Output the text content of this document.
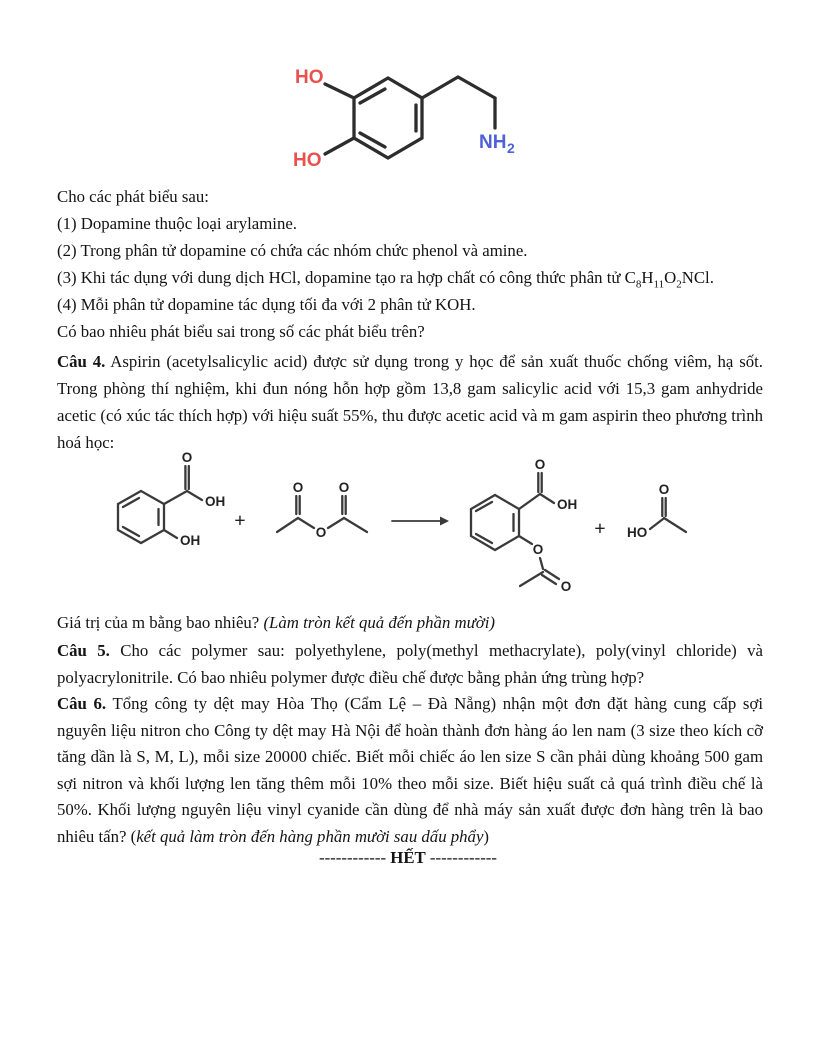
HO
HO
NH 2
Cho các phát biểu sau:
(1) Dopamine thuộc loại arylamine.
(2) Trong phân tử dopamine có chứa các nhóm chức phenol và amine.
(3) Khi tác dụng với dung dịch HCl, dopamine tạo ra hợp chất có công thức phân tử $C_8H_{11}O_2NCl$.
(4) Mỗi phân tử dopamine tác dụng tối đa với 2 phân tử KOH.
Có bao nhiêu phát biểu sai trong số các phát biểu trên?
Câu 4. Aspirin (acetylsalicylic acid) được sử dụng trong y học để sản xuất thuốc chống viêm, hạ sốt. Trong phòng thí nghiệm, khi đun nóng hỗn hợp gồm 13,8 gam salicylic acid với 15,3 gam anhydride acetic (có xúc tác thích hợp) với hiệu suất 55%, thu được acetic acid và m gam aspirin theo phương trình hoá học:
O
OH
OH
+
O	O
O
O
OH
O
O
+ HO
O
Giá trị của m bằng bao nhiêu? (Làm tròn kết quả đến phần mười)
Câu 5. Cho các polymer sau: polyethylene, poly(methyl methacrylate), poly(vinyl chloride) và polyacrylonitrile. Có bao nhiêu polymer được điều chế được bằng phản ứng trùng hợp?
Câu 6. Tổng công ty dệt may Hòa Thọ (Cẩm Lệ – Đà Nẵng) nhận một đơn đặt hàng cung cấp sợi nguyên liệu nitron cho Công ty dệt may Hà Nội để hoàn thành đơn hàng áo len nam (3 size theo kích cỡ tăng dần là S, M, L), mỗi size 20000 chiếc. Biết mỗi chiếc áo len size S cần phải dùng khoảng 500 gam sợi nitron và khối lượng len tăng thêm mỗi 10% theo mỗi size. Biết hiệu suất cả quá trình điều chế là 50%. Khối lượng nguyên liệu vinyl cyanide cần dùng để nhà máy sản xuất được đơn hàng trên là bao nhiêu tấn? (kết quả làm tròn đến hàng phần mười sau dấu phẩy)
------------ HẾT ------------
